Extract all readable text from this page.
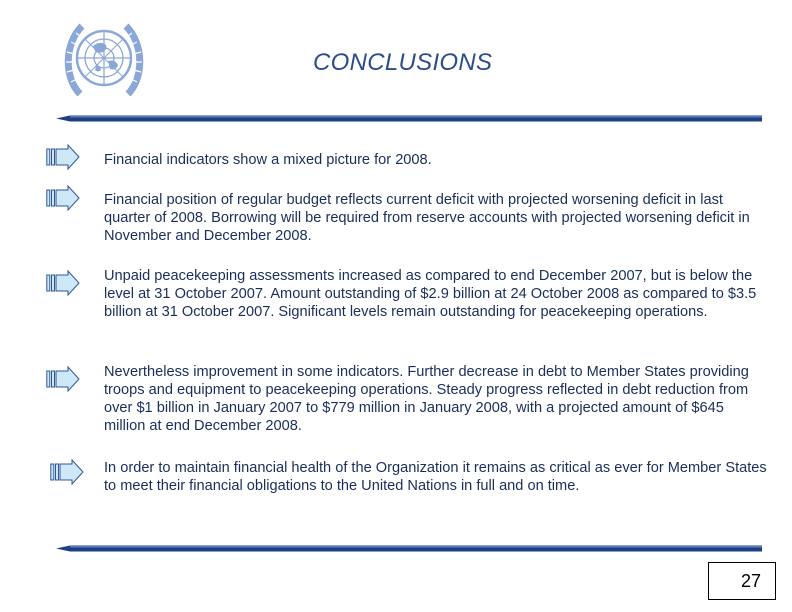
CONCLUSIONS
Financial indicators show a mixed picture for 2008.
Financial position of regular budget reflects current deficit with projected worsening deficit in last quarter of 2008. Borrowing will be required from reserve accounts with projected worsening deficit in November and December 2008.
Unpaid peacekeeping assessments increased as compared to end December 2007, but is below the level at 31 October 2007. Amount outstanding of $2.9 billion at 24 October 2008 as compared to $3.5 billion at 31 October 2007. Significant levels remain outstanding for peacekeeping operations.
Nevertheless improvement in some indicators. Further decrease in debt to Member States providing troops and equipment to peacekeeping operations. Steady progress reflected in debt reduction from over $1 billion in January 2007 to $779 million in January 2008, with a projected amount of $645 million at end December 2008.
In order to maintain financial health of the Organization it remains as critical as ever for Member States to meet their financial obligations to the United Nations in full and on time.
27
